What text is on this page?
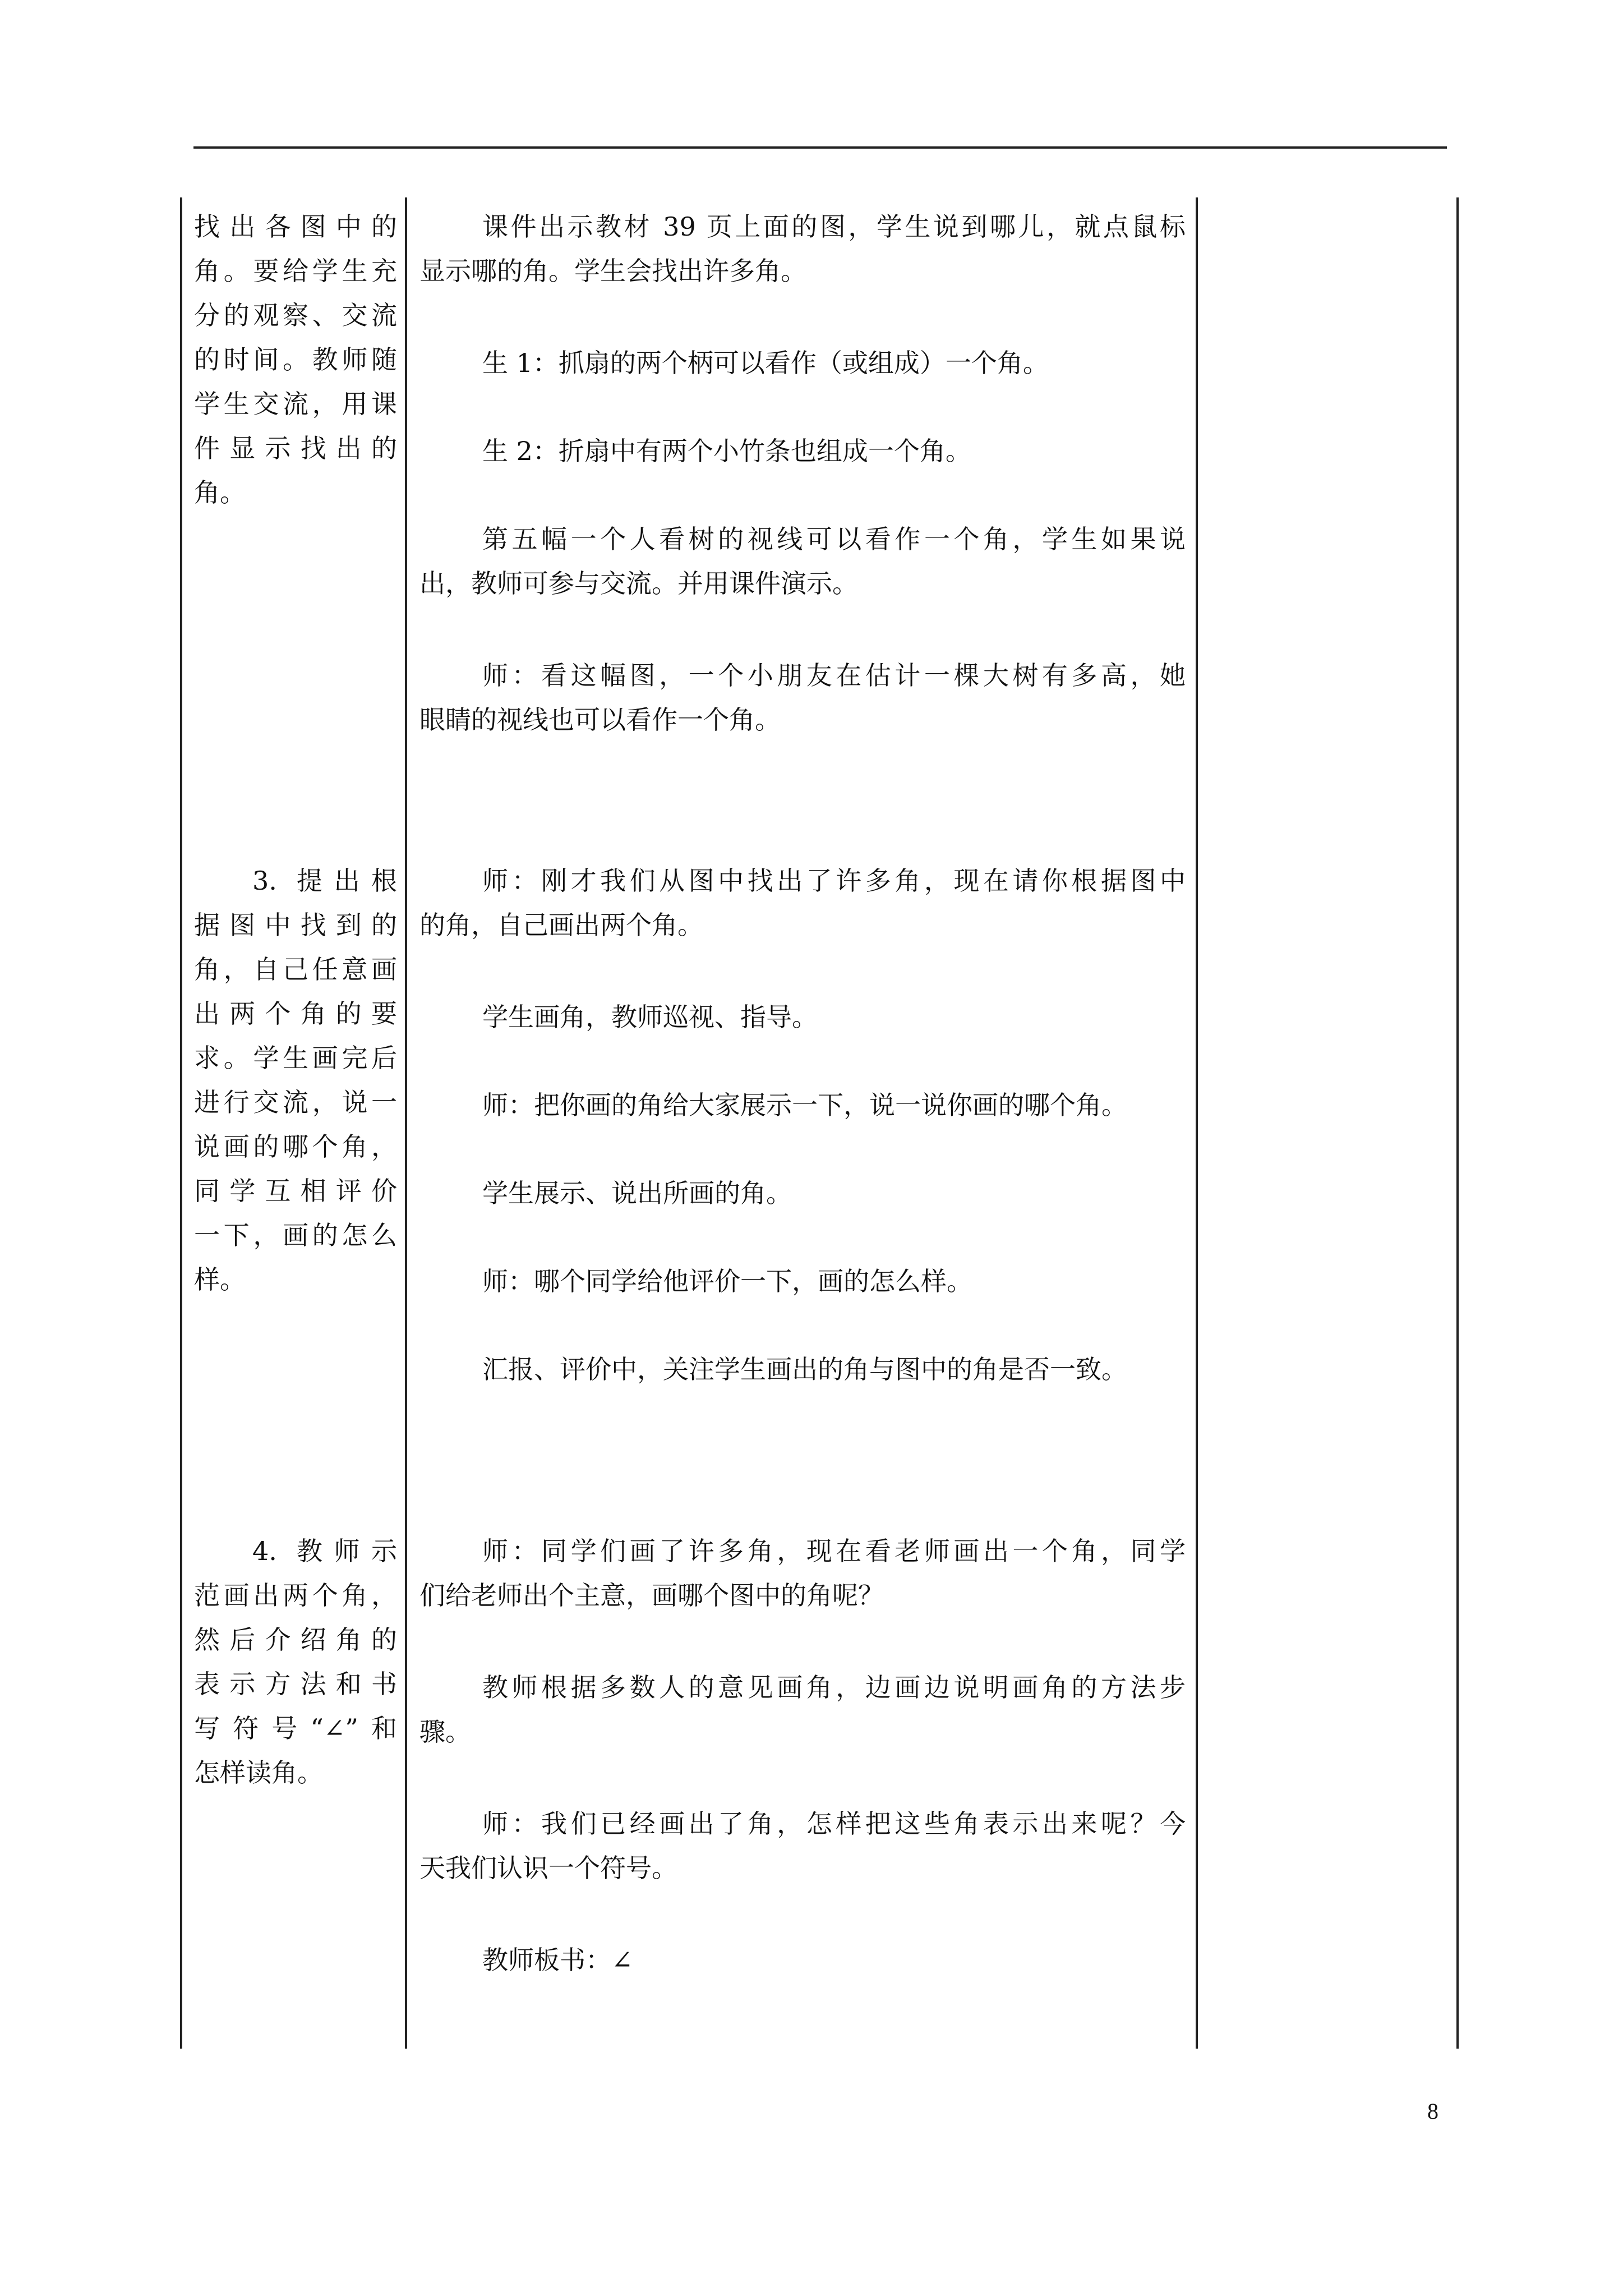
找出各图中的
角。要给学生充
分的观察、交流
的时间。教师随
学生交流，用课
件显示找出的
角。
3. 提出根
据图中找到的
角，自己任意画
出两个角的要
求。学生画完后
进行交流，说一
说画的哪个角，
同学互相评价
一下，画的怎么
样。
4. 教师示
范画出两个角，
然后介绍角的
表示方法和书
写符号“∠”和
怎样读角。
课件出示教材 39 页上面的图，学生说到哪儿，就点鼠标
显示哪的角。学生会找出许多角。
生 1：抓扇的两个柄可以看作（或组成）一个角。
生 2：折扇中有两个小竹条也组成一个角。
第五幅一个人看树的视线可以看作一个角，学生如果说
出，教师可参与交流。并用课件演示。
师：看这幅图，一个小朋友在估计一棵大树有多高，她
眼睛的视线也可以看作一个角。
师：刚才我们从图中找出了许多角，现在请你根据图中
的角，自己画出两个角。
学生画角，教师巡视、指导。
师：把你画的角给大家展示一下，说一说你画的哪个角。
学生展示、说出所画的角。
师：哪个同学给他评价一下，画的怎么样。
汇报、评价中，关注学生画出的角与图中的角是否一致。
师：同学们画了许多角，现在看老师画出一个角，同学
们给老师出个主意，画哪个图中的角呢？
教师根据多数人的意见画角，边画边说明画角的方法步
骤。
师：我们已经画出了角，怎样把这些角表示出来呢？今
天我们认识一个符号。
教师板书：∠
8
